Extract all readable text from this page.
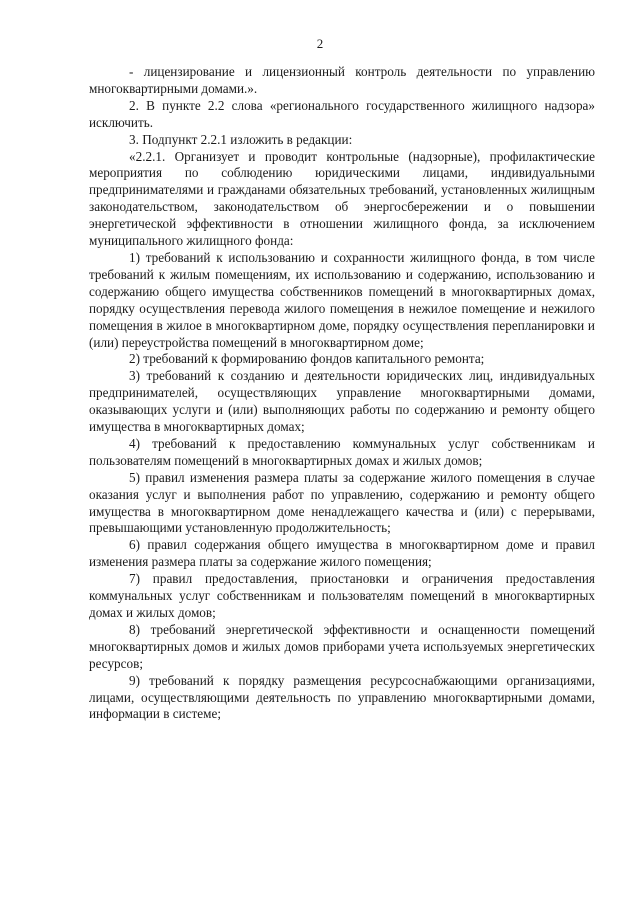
2

- лицензирование и лицензионный контроль деятельности по управлению многоквартирными домами.».

2. В пункте 2.2 слова «регионального государственного жилищного надзора» исключить.

3. Подпункт 2.2.1 изложить в редакции:

«2.2.1. Организует и проводит контрольные (надзорные), профилактические мероприятия по соблюдению юридическими лицами, индивидуальными предпринимателями и гражданами обязательных требований, установленных жилищным законодательством, законодательством об энергосбережении и о повышении энергетической эффективности в отношении жилищного фонда, за исключением муниципального жилищного фонда:

1) требований к использованию и сохранности жилищного фонда, в том числе требований к жилым помещениям, их использованию и содержанию, использованию и содержанию общего имущества собственников помещений в многоквартирных домах, порядку осуществления перевода жилого помещения в нежилое помещение и нежилого помещения в жилое в многоквартирном доме, порядку осуществления перепланировки и (или) переустройства помещений в многоквартирном доме;

2) требований к формированию фондов капитального ремонта;

3) требований к созданию и деятельности юридических лиц, индивидуальных предпринимателей, осуществляющих управление многоквартирными домами, оказывающих услуги и (или) выполняющих работы по содержанию и ремонту общего имущества в многоквартирных домах;

4) требований к предоставлению коммунальных услуг собственникам и пользователям помещений в многоквартирных домах и жилых домов;

5) правил изменения размера платы за содержание жилого помещения в случае оказания услуг и выполнения работ по управлению, содержанию и ремонту общего имущества в многоквартирном доме ненадлежащего качества и (или) с перерывами, превышающими установленную продолжительность;

6) правил содержания общего имущества в многоквартирном доме и правил изменения размера платы за содержание жилого помещения;

7) правил предоставления, приостановки и ограничения предоставления коммунальных услуг собственникам и пользователям помещений в многоквартирных домах и жилых домов;

8) требований энергетической эффективности и оснащенности помещений многоквартирных домов и жилых домов приборами учета используемых энергетических ресурсов;

9) требований к порядку размещения ресурсоснабжающими организациями, лицами, осуществляющими деятельность по управлению многоквартирными домами, информации в системе;
